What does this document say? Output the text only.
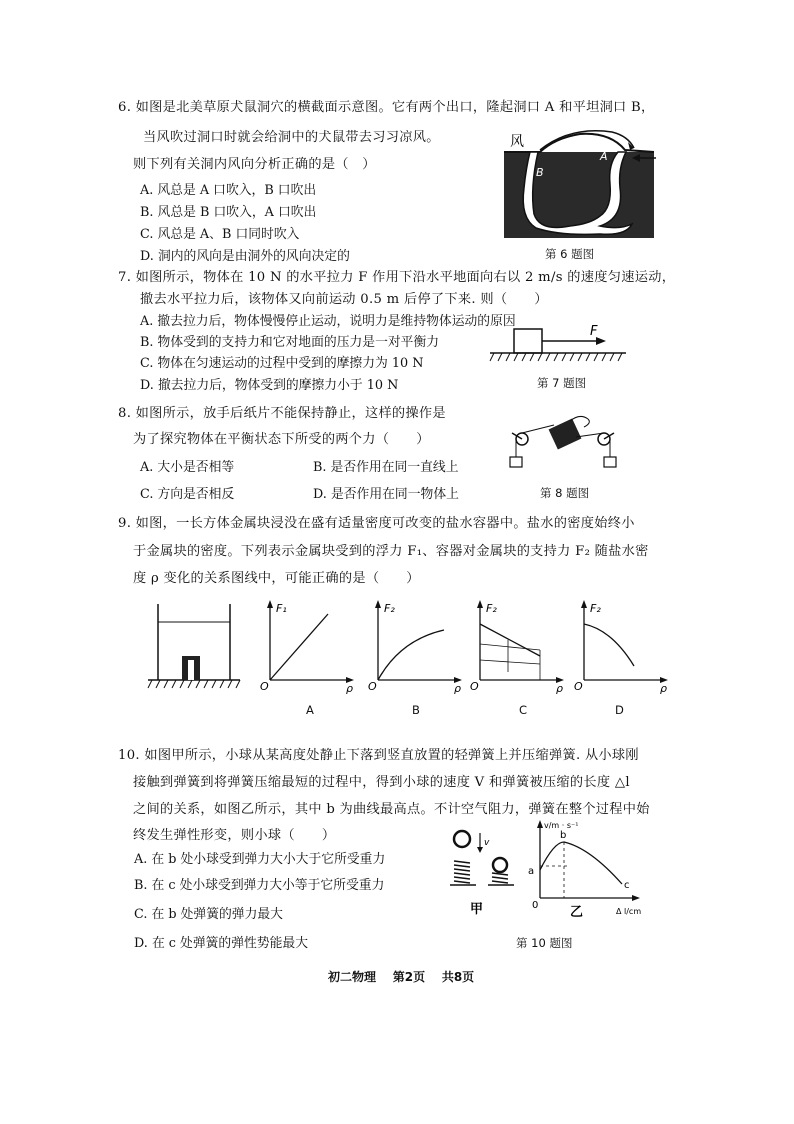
6. 如图是北美草原犬鼠洞穴的横截面示意图。它有两个出口，隆起洞口 A 和平坦洞口 B，
当风吹过洞口时就会给洞中的犬鼠带去习习凉风。
则下列有关洞内风向分析正确的是（　）
A. 风总是 A 口吹入，B 口吹出
B. 风总是 B 口吹入，A 口吹出
C. 风总是 A、B 口同时吹入
D. 洞内的风向是由洞外的风向决定的
风
A
B
第 6 题图
7. 如图所示，物体在 10 N 的水平拉力 F 作用下沿水平地面向右以 2 m/s 的速度匀速运动，
撤去水平拉力后，该物体又向前运动 0.5 m 后停了下来. 则（　　）
A. 撤去拉力后，物体慢慢停止运动，说明力是维持物体运动的原因
B. 物体受到的支持力和它对地面的压力是一对平衡力
C. 物体在匀速运动的过程中受到的摩擦力为 10 N
D. 撤去拉力后，物体受到的摩擦力小于 10 N
F
第 7 题图
8. 如图所示，放手后纸片不能保持静止，这样的操作是
为了探究物体在平衡状态下所受的两个力（　　）
A. 大小是否相等	B. 是否作用在同一直线上
C. 方向是否相反	D. 是否作用在同一物体上	第 8 题图
9. 如图，一长方体金属块浸没在盛有适量密度可改变的盐水容器中。盐水的密度始终小
于金属块的密度。下列表示金属块受到的浮力 F₁、容器对金属块的支持力 F₂ 随盐水密
度 ρ 变化的关系图线中，可能正确的是（　　）
F₁
O	ρ
F₂
O	ρ
F₂
O	ρ
F₂
O	ρ
A	B	C	D
10. 如图甲所示，小球从某高度处静止下落到竖直放置的轻弹簧上并压缩弹簧. 从小球刚
接触到弹簧到将弹簧压缩最短的过程中，得到小球的速度 V 和弹簧被压缩的长度 △l
之间的关系，如图乙所示，其中 b 为曲线最高点。不计空气阻力，弹簧在整个过程中始
终发生弹性形变，则小球（　　）
A. 在 b 处小球受到弹力大小大于它所受重力
B. 在 c 处小球受到弹力大小等于它所受重力
C. 在 b 处弹簧的弹力最大
D. 在 c 处弹簧的弹性势能最大
v
甲
v/m · s⁻¹
b
a
c
0 乙	Δ l/cm
第 10 题图
初二物理 第2页 共8页
